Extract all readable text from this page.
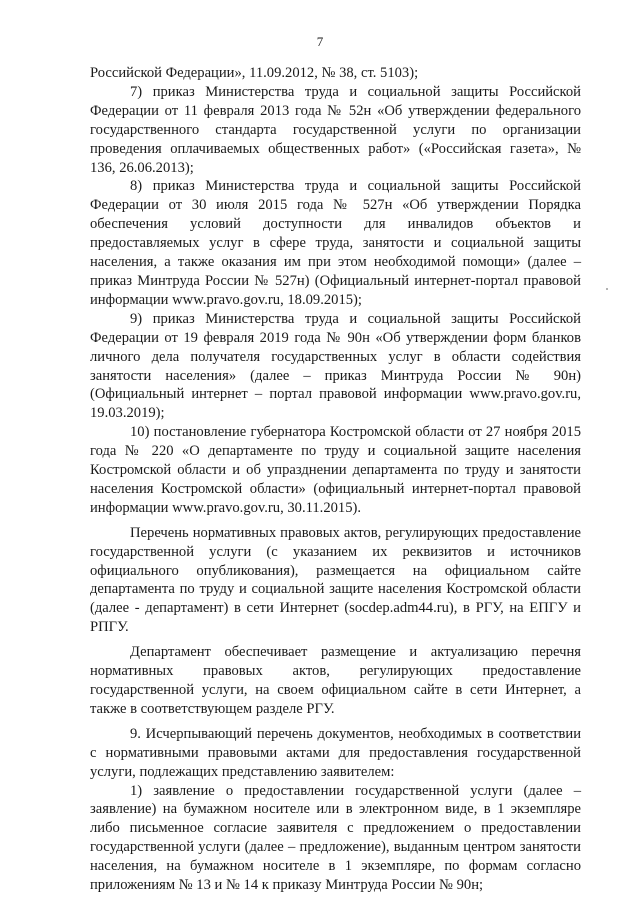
7

Российской Федерации», 11.09.2012, № 38, ст. 5103);

7) приказ Министерства труда и социальной защиты Российской Федерации от 11 февраля 2013 года № 52н «Об утверждении федерального государственного стандарта государственной услуги по организации проведения оплачиваемых общественных работ» («Российская газета», № 136, 26.06.2013);

8) приказ Министерства труда и социальной защиты Российской Федерации от 30 июля 2015 года № 527н «Об утверждении Порядка обеспечения условий доступности для инвалидов объектов и предоставляемых услуг в сфере труда, занятости и социальной защиты населения, а также оказания им при этом необходимой помощи» (далее – приказ Минтруда России № 527н) (Официальный интернет-портал правовой информации www.pravo.gov.ru, 18.09.2015);

9) приказ Министерства труда и социальной защиты Российской Федерации от 19 февраля 2019 года № 90н «Об утверждении форм бланков личного дела получателя государственных услуг в области содействия занятости населения» (далее – приказ Минтруда России № 90н) (Официальный интернет – портал правовой информации www.pravo.gov.ru, 19.03.2019);

10) постановление губернатора Костромской области от 27 ноября 2015 года № 220 «О департаменте по труду и социальной защите населения Костромской области и об упразднении департамента по труду и занятости населения Костромской области» (официальный интернет-портал правовой информации www.pravo.gov.ru, 30.11.2015).

Перечень нормативных правовых актов, регулирующих предоставление государственной услуги (с указанием их реквизитов и источников официального опубликования), размещается на официальном сайте департамента по труду и социальной защите населения Костромской области (далее - департамент) в сети Интернет (socdep.adm44.ru), в РГУ, на ЕПГУ и РПГУ.

Департамент обеспечивает размещение и актуализацию перечня нормативных правовых актов, регулирующих предоставление государственной услуги, на своем официальном сайте в сети Интернет, а также в соответствующем разделе РГУ.

9. Исчерпывающий перечень документов, необходимых в соответствии с нормативными правовыми актами для предоставления государственной услуги, подлежащих представлению заявителем:

1) заявление о предоставлении государственной услуги (далее – заявление) на бумажном носителе или в электронном виде, в 1 экземпляре либо письменное согласие заявителя с предложением о предоставлении государственной услуги (далее – предложение), выданным центром занятости населения, на бумажном носителе в 1 экземпляре, по формам согласно приложениям № 13 и № 14 к приказу Минтруда России № 90н;
